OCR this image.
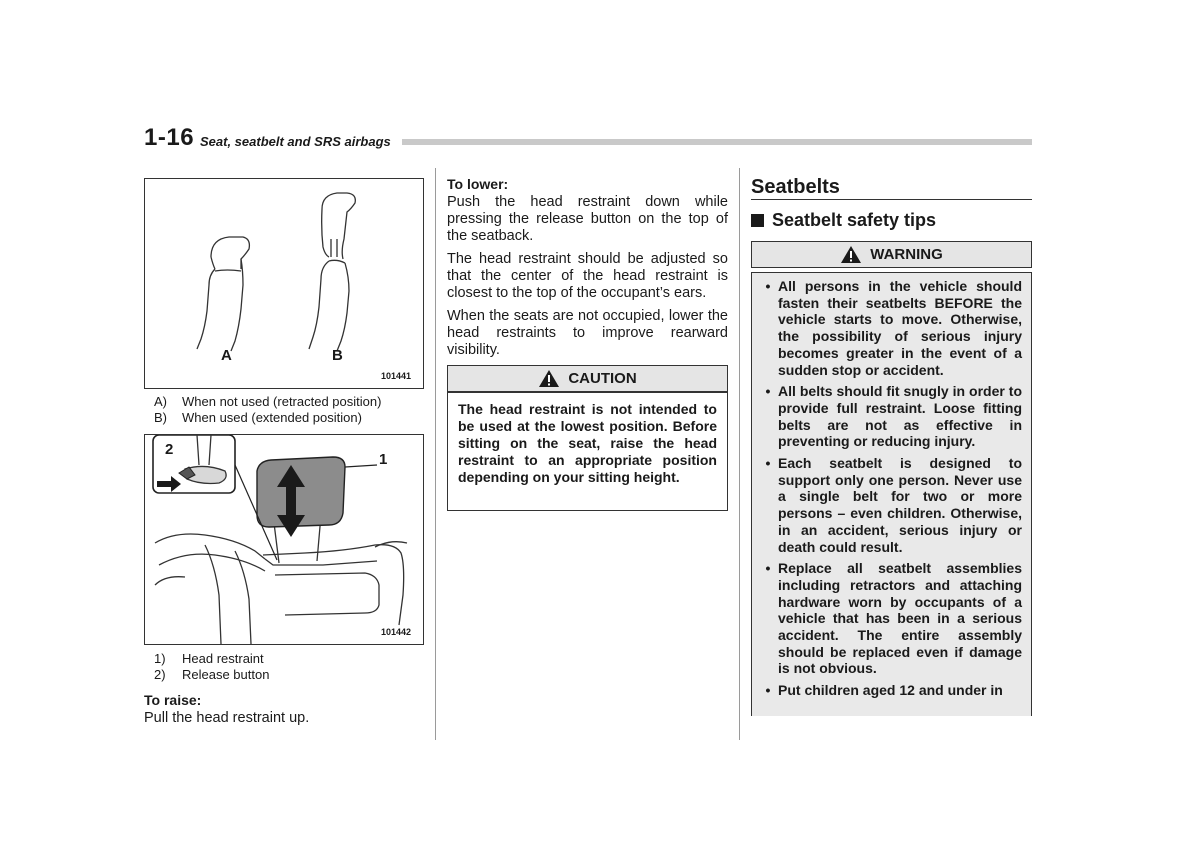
1-16 Seat, seatbelt and SRS airbags
A	B
101441
A)	When not used (retracted position)
B)	When used (extended position)
1
2
101442
1)	Head restraint
2)	Release button
To raise:

Pull the head restraint up.

To lower:

Push the head restraint down while pressing the release button on the top of the seatback.

The head restraint should be adjusted so that the center of the head restraint is closest to the top of the occupant’s ears.

When the seats are not occupied, lower the head restraints to improve rearward visibility.

CAUTION

The head restraint is not intended to be used at the lowest position. Before sitting on the seat, raise the head restraint to an appropriate position depending on your sitting height.

Seatbelts
Seatbelt safety tips
WARNING
• All persons in the vehicle should fasten their seatbelts BEFORE the vehicle starts to move. Otherwise, the possibility of serious injury becomes greater in the event of a sudden stop or accident.
• All belts should fit snugly in order to provide full restraint. Loose fitting belts are not as effective in preventing or reducing injury.
• Each seatbelt is designed to support only one person. Never use a single belt for two or more persons – even children. Otherwise, in an accident, serious injury or death could result.
• Replace all seatbelt assemblies including retractors and attaching hardware worn by occupants of a vehicle that has been in a serious accident. The entire assembly should be replaced even if damage is not obvious.
• Put children aged 12 and under in
